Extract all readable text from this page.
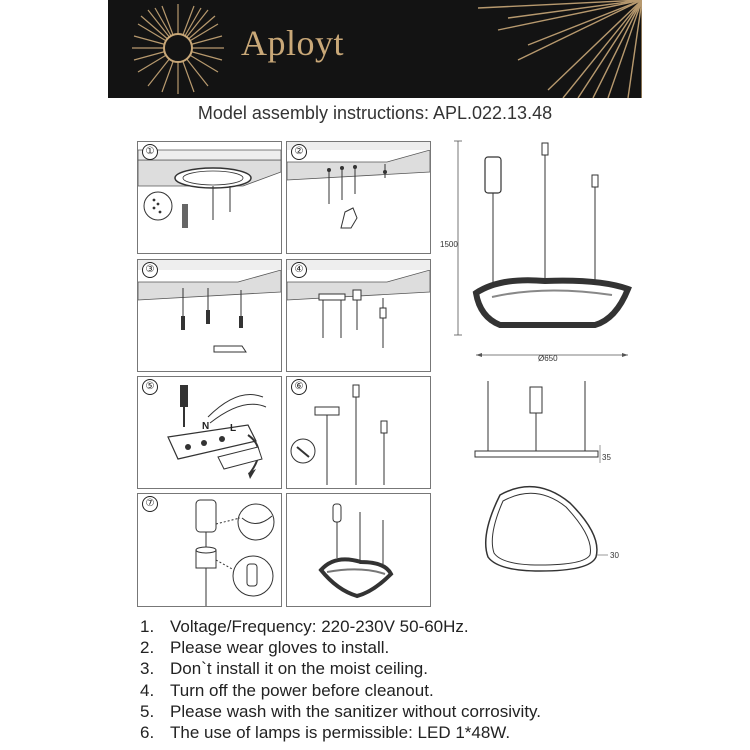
Aployt
Model assembly instructions: APL.022.13.48
①	②
③	④
⑤
N L
⑥
⑦
1500
Ø650
35
30
1. Voltage/Frequency: 220-230V 50-60Hz.
2. Please wear gloves to install.
3. Don`t install it on the moist ceiling.
4. Turn off the power before cleanout.
5. Please wash with the sanitizer without corrosivity.
6. The use of lamps is permissible: LED 1*48W.
